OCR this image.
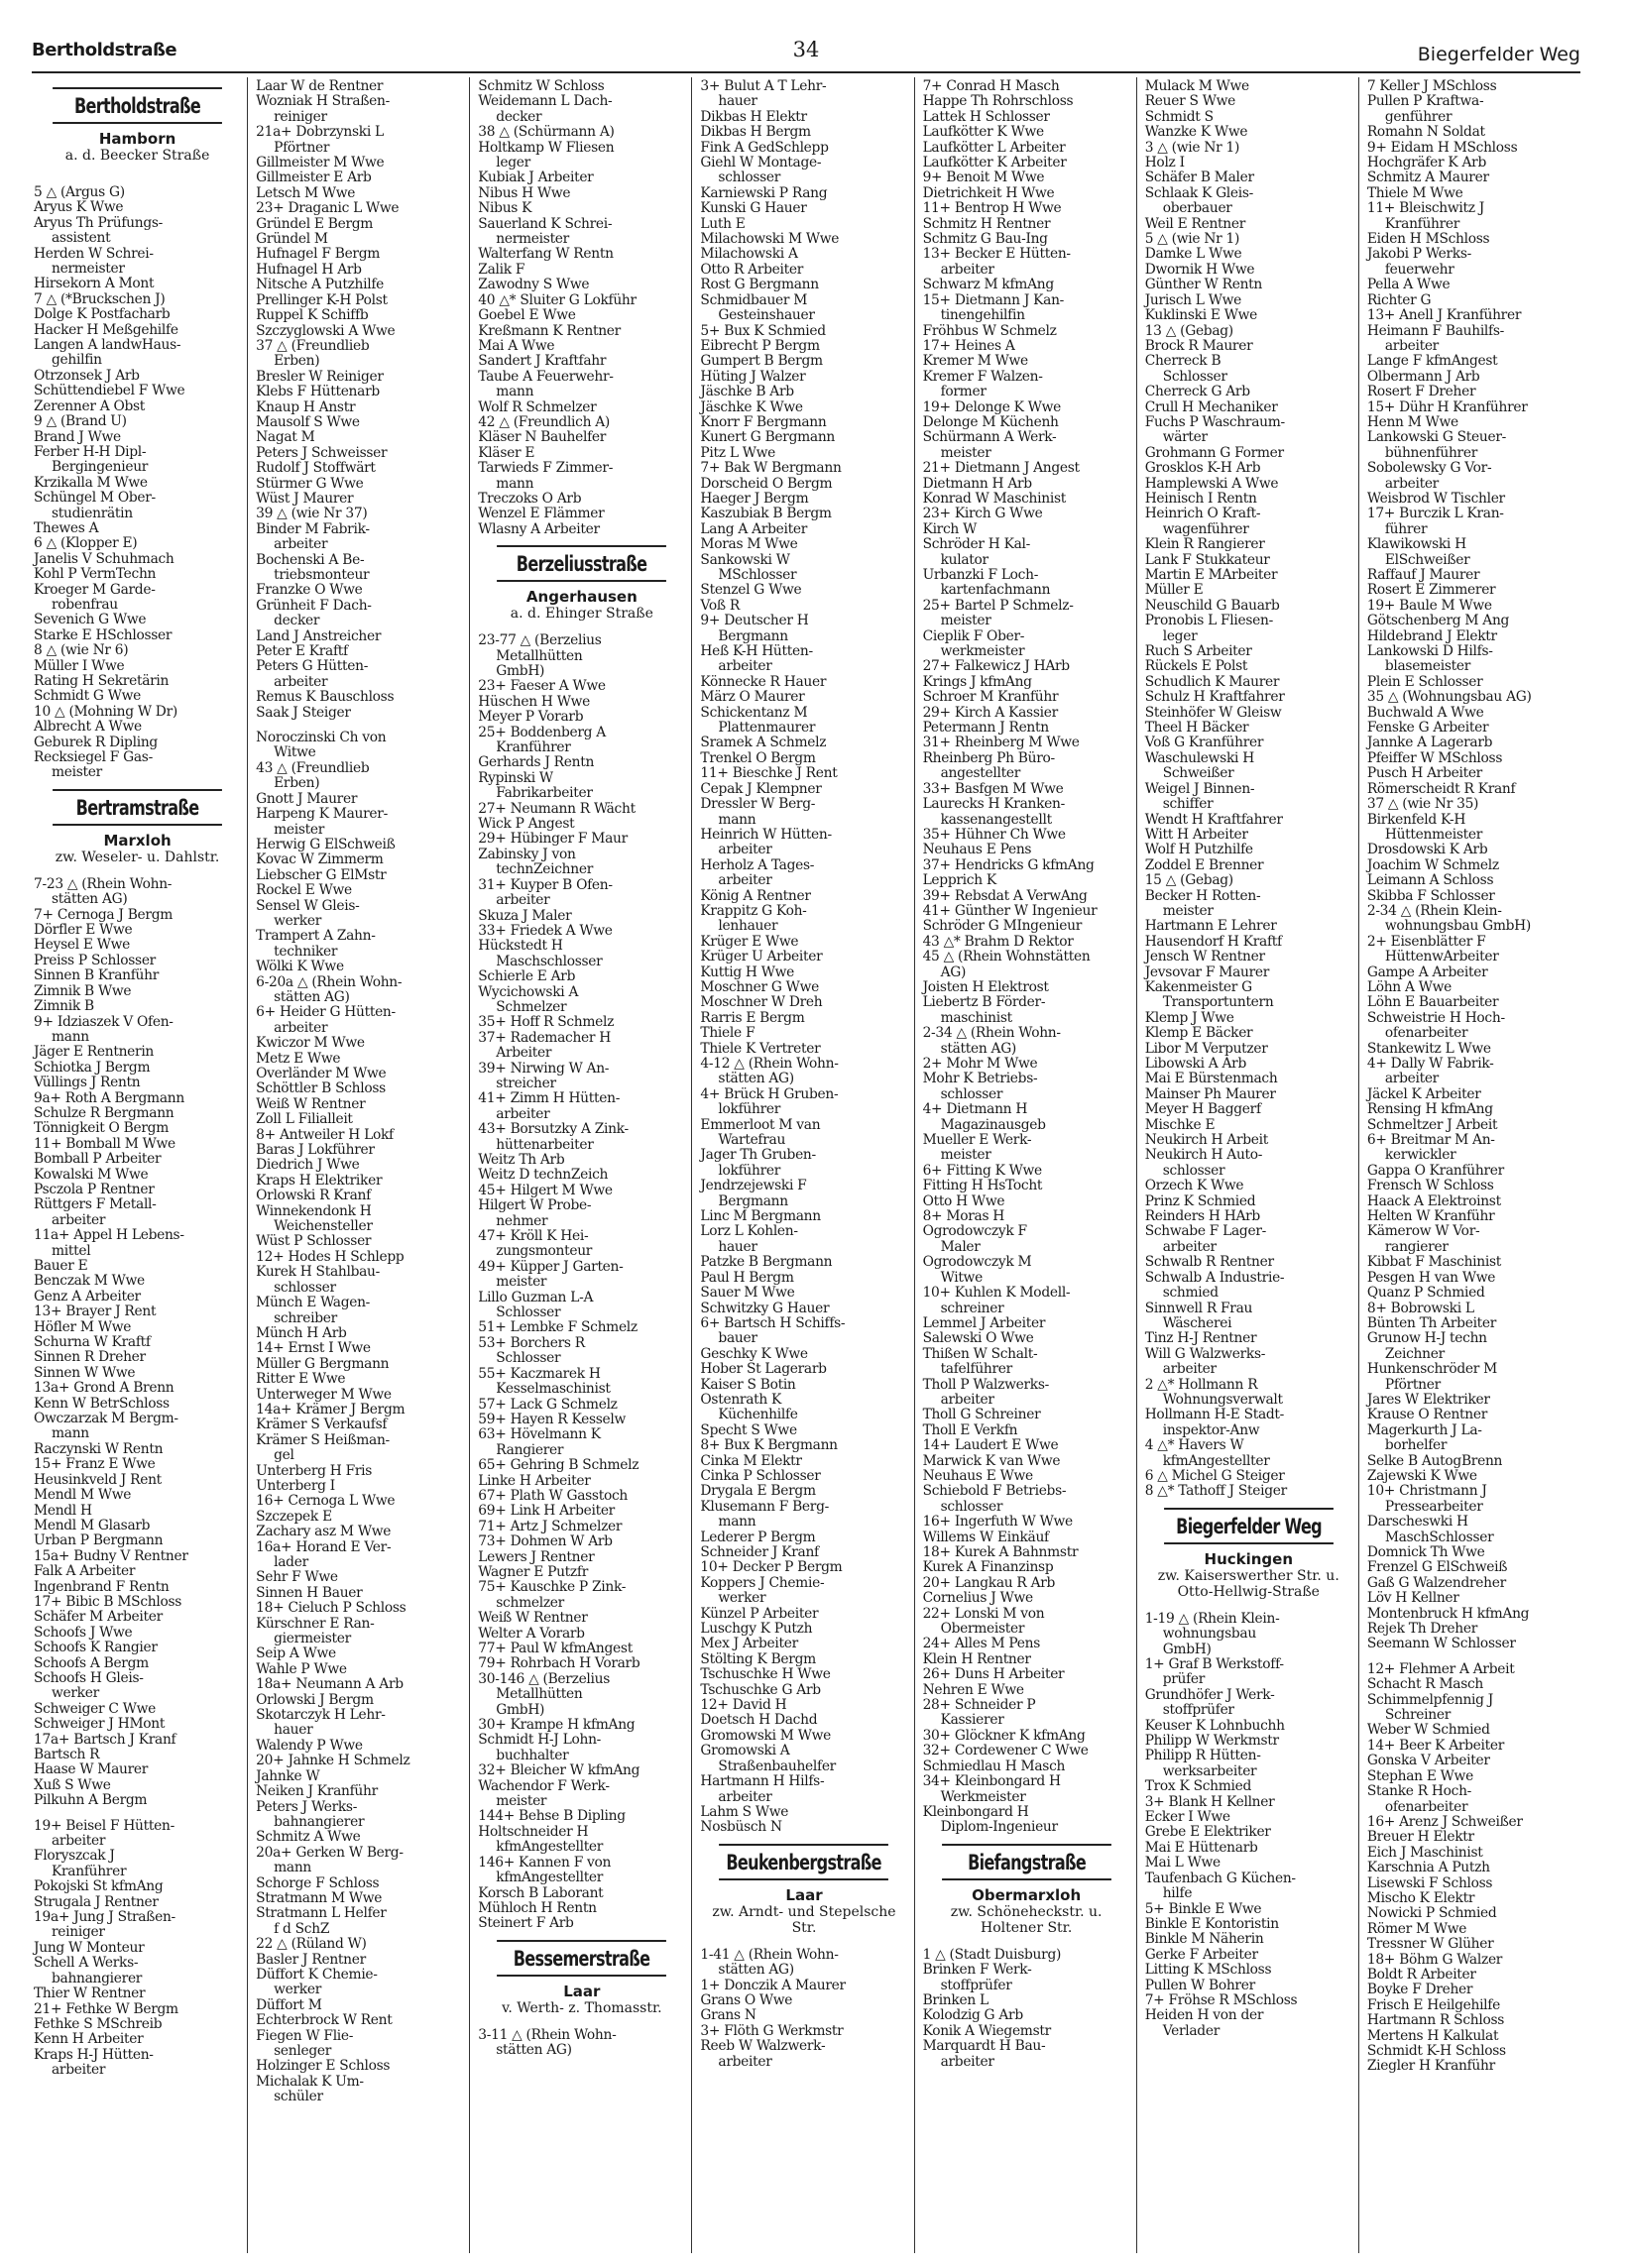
Bertholdstraße	34	Biegerfelder Weg
Bertholdstraße
Hamborn
a. d. Beecker Straße
5 △ (Argus G)
Aryus K Wwe
Aryus Th Prüfungs-
assistent
Herden W Schrei-
nermeister
Hirsekorn A Mont
7 △ (*Bruckschen J)
Dolge K Postfacharb
Hacker H Meßgehilfe
Langen A landwHaus-
gehilfin
Otrzonsek J Arb
Schüttendiebel F Wwe
Zerenner A Obst
9 △ (Brand U)
Brand J Wwe
Ferber H-H Dipl-
Bergingenieur
Krzikalla M Wwe
Schüngel M Ober-
studienrätin
Thewes A
6 △ (Klopper E)
Janelis V Schuhmach
Kohl P VermTechn
Kroeger M Garde-
robenfrau
Sevenich G Wwe
Starke E HSchlosser
8 △ (wie Nr 6)
Müller I Wwe
Rating H Sekretärin
Schmidt G Wwe
10 △ (Mohning W Dr)
Albrecht A Wwe
Geburek R Dipling
Recksiegel F Gas-
meister
Bertramstraße
Marxloh
zw. Weseler- u. Dahlstr.
7-23 △ (Rhein Wohn-
stätten AG)
7+ Cernoga J Bergm
Dörfler E Wwe
Heysel E Wwe
Preiss P Schlosser
Sinnen B Kranführ
Zimnik B Wwe
Zimnik B
9+ Idziaszek V Ofen-
mann
Jäger E Rentnerin
Schiotka J Bergm
Vüllings J Rentn
9a+ Roth A Bergmann
Schulze R Bergmann
Tönnigkeit O Bergm
11+ Bomball M Wwe
Bomball P Arbeiter
Kowalski M Wwe
Psczola P Rentner
Rüttgers F Metall-
arbeiter
11a+ Appel H Lebens-
mittel
Bauer E
Benczak M Wwe
Genz A Arbeiter
13+ Brayer J Rent
Höfler M Wwe
Schurna W Kraftf
Sinnen R Dreher
Sinnen W Wwe
13a+ Grond A Brenn
Kenn W BetrSchloss
Owczarzak M Bergm-
mann
Raczynski W Rentn
15+ Franz E Wwe
Heusinkveld J Rent
Mendl M Wwe
Mendl H
Mendl M Glasarb
Urban P Bergmann
15a+ Budny V Rentner
Falk A Arbeiter
Ingenbrand F Rentn
17+ Bibic B MSchloss
Schäfer M Arbeiter
Schoofs J Wwe
Schoofs K Rangier
Schoofs A Bergm
Schoofs H Gleis-
werker
Schweiger C Wwe
Schweiger J HMont
17a+ Bartsch J Kranf
Bartsch R
Haase W Maurer
Xuß S Wwe
Pilkuhn A Bergm
19+ Beisel F Hütten-
arbeiter
Floryszcak J
Kranführer
Pokojski St kfmAng
Strugala J Rentner
19a+ Jung J Straßen-
reiniger
Jung W Monteur
Schell A Werks-
bahnangierer
Thier W Rentner
21+ Fethke W Bergm
Fethke S MSchreib
Kenn H Arbeiter
Kraps H-J Hütten-
arbeiter
Laar W de Rentner
Wozniak H Straßen-
reiniger
21a+ Dobrzynski L
Pförtner
Gillmeister M Wwe
Gillmeister E Arb
Letsch M Wwe
23+ Draganic L Wwe
Gründel E Bergm
Gründel M
Hufnagel F Bergm
Hufnagel H Arb
Nitsche A Putzhilfe
Prellinger K-H Polst
Ruppel K Schiffb
Szczyglowski A Wwe
37 △ (Freundlieb
Erben)
Bresler W Reiniger
Klebs F Hüttenarb
Knaup H Anstr
Mausolf S Wwe
Nagat M
Peters J Schweisser
Rudolf J Stoffwärt
Stürmer G Wwe
Wüst J Maurer
39 △ (wie Nr 37)
Binder M Fabrik-
arbeiter
Bochenski A Be-
triebsmonteur
Franzke O Wwe
Grünheit F Dach-
decker
Land J Anstreicher
Peter E Kraftf
Peters G Hütten-
arbeiter
Remus K Bauschloss
Saak J Steiger
Noroczinski Ch von
Witwe
43 △ (Freundlieb
Erben)
Gnott J Maurer
Harpeng K Maurer-
meister
Herwig G ElSchweiß
Kovac W Zimmerm
Liebscher G ElMstr
Rockel E Wwe
Sensel W Gleis-
werker
Trampert A Zahn-
techniker
Wölki K Wwe
6-20a △ (Rhein Wohn-
stätten AG)
6+ Heider G Hütten-
arbeiter
Kwiczor M Wwe
Metz E Wwe
Overländer M Wwe
Schöttler B Schloss
Weiß W Rentner
Zoll L Filialleit
8+ Antweiler H Lokf
Baras J Lokführer
Diedrich J Wwe
Kraps H Elektriker
Orlowski R Kranf
Winnekendonk H
Weichensteller
Wüst P Schlosser
12+ Hodes H Schlepp
Kurek H Stahlbau-
schlosser
Münch E Wagen-
schreiber
Münch H Arb
14+ Ernst I Wwe
Müller G Bergmann
Ritter E Wwe
Unterweger M Wwe
14a+ Krämer J Bergm
Krämer S Verkaufsf
Krämer S Heißman-
gel
Unterberg H Fris
Unterberg I
16+ Cernoga L Wwe
Szczepek E
Zachary asz M Wwe
16a+ Horand E Ver-
lader
Sehr F Wwe
Sinnen H Bauer
18+ Cieluch P Schloss
Kürschner E Ran-
giermeister
Seip A Wwe
Wahle P Wwe
18a+ Neumann A Arb
Orlowski J Bergm
Skotarczyk H Lehr-
hauer
Walendy P Wwe
20+ Jahnke H Schmelz
Jahnke W
Neiken J Kranführ
Peters J Werks-
bahnangierer
Schmitz A Wwe
20a+ Gerken W Berg-
mann
Schorge F Schloss
Stratmann M Wwe
Stratmann L Helfer
f d SchZ
22 △ (Rüland W)
Basler J Rentner
Düffort K Chemie-
werker
Düffort M
Echterbrock W Rent
Fiegen W Flie-
senleger
Holzinger E Schloss
Michalak K Um-
schüler
Schmitz W Schloss
Weidemann L Dach-
decker
38 △ (Schürmann A)
Holtkamp W Fliesen
leger
Kubiak J Arbeiter
Nibus H Wwe
Nibus K
Sauerland K Schrei-
nermeister
Walterfang W Rentn
Zalik F
Zawodny S Wwe
40 △* Sluiter G Lokführ
Goebel E Wwe
Kreßmann K Rentner
Mai A Wwe
Sandert J Kraftfahr
Taube A Feuerwehr-
mann
Wolf R Schmelzer
42 △ (Freundlich A)
Kläser N Bauhelfer
Kläser E
Tarwieds F Zimmer-
mann
Treczoks O Arb
Wenzel E Flämmer
Wlasny A Arbeiter
Berzeliusstraße
Angerhausen
a. d. Ehinger Straße
23-77 △ (Berzelius
Metallhütten
GmbH)
23+ Faeser A Wwe
Hüschen H Wwe
Meyer P Vorarb
25+ Boddenberg A
Kranführer
Gerhards J Rentn
Rypinski W
Fabrikarbeiter
27+ Neumann R Wächt
Wick P Angest
29+ Hübinger F Maur
Zabinsky J von
technZeichner
31+ Kuyper B Ofen-
arbeiter
Skuza J Maler
33+ Friedek A Wwe
Hückstedt H
Maschschlosser
Schierle E Arb
Wycichowski A
Schmelzer
35+ Hoff R Schmelz
37+ Rademacher H
Arbeiter
39+ Nirwing W An-
streicher
41+ Zimm H Hütten-
arbeiter
43+ Borsutzky A Zink-
hüttenarbeiter
Weitz Th Arb
Weitz D technZeich
45+ Hilgert M Wwe
Hilgert W Probe-
nehmer
47+ Kröll K Hei-
zungsmonteur
49+ Küpper J Garten-
meister
Lillo Guzman L-A
Schlosser
51+ Lembke F Schmelz
53+ Borchers R
Schlosser
55+ Kaczmarek H
Kesselmaschinist
57+ Lack G Schmelz
59+ Hayen R Kesselw
63+ Hövelmann K
Rangierer
65+ Gehring B Schmelz
Linke H Arbeiter
67+ Plath W Gasstoch
69+ Link H Arbeiter
71+ Artz J Schmelzer
73+ Dohmen W Arb
Lewers J Rentner
Wagner E Putzfr
75+ Kauschke P Zink-
schmelzer
Weiß W Rentner
Welter A Vorarb
77+ Paul W kfmAngest
79+ Rohrbach H Vorarb
30-146 △ (Berzelius
Metallhütten
GmbH)
30+ Krampe H kfmAng
Schmidt H-J Lohn-
buchhalter
32+ Bleicher W kfmAng
Wachendor F Werk-
meister
144+ Behse B Dipling
Holtschneider H
kfmAngestellter
146+ Kannen F von
kfmAngestellter
Korsch B Laborant
Mühloch H Rentn
Steinert F Arb
Bessemerstraße
Laar
v. Werth- z. Thomasstr.
3-11 △ (Rhein Wohn-
stätten AG)
3+ Bulut A T Lehr-
hauer
Dikbas H Elektr
Dikbas H Bergm
Fink A GedSchlepp
Giehl W Montage-
schlosser
Karniewski P Rang
Kunski G Hauer
Luth E
Milachowski M Wwe
Milachowski A
Otto R Arbeiter
Rost G Bergmann
Schmidbauer M
Gesteinshauer
5+ Bux K Schmied
Eibrecht P Bergm
Gumpert B Bergm
Hüting J Walzer
Jäschke B Arb
Jäschke K Wwe
Knorr F Bergmann
Kunert G Bergmann
Pitz L Wwe
7+ Bak W Bergmann
Dorscheid O Bergm
Haeger J Bergm
Kaszubiak B Bergm
Lang A Arbeiter
Moras M Wwe
Sankowski W
MSchlosser
Stenzel G Wwe
Voß R
9+ Deutscher H
Bergmann
Heß K-H Hütten-
arbeiter
Könnecke R Hauer
März O Maurer
Schickentanz M
Plattenmaurer
Sramek A Schmelz
Trenkel O Bergm
11+ Bieschke J Rent
Cepak J Klempner
Dressler W Berg-
mann
Heinrich W Hütten-
arbeiter
Herholz A Tages-
arbeiter
König A Rentner
Krappitz G Koh-
lenhauer
Krüger E Wwe
Krüger U Arbeiter
Kuttig H Wwe
Moschner G Wwe
Moschner W Dreh
Rarris E Bergm
Thiele F
Thiele K Vertreter
4-12 △ (Rhein Wohn-
stätten AG)
4+ Brück H Gruben-
lokführer
Emmerloot M van
Wartefrau
Jager Th Gruben-
lokführer
Jendrzejewski F
Bergmann
Linc M Bergmann
Lorz L Kohlen-
hauer
Patzke B Bergmann
Paul H Bergm
Sauer M Wwe
Schwitzky G Hauer
6+ Bartsch H Schiffs-
bauer
Geschky K Wwe
Hober St Lagerarb
Kaiser S Botin
Ostenrath K
Küchenhilfe
Specht S Wwe
8+ Bux K Bergmann
Cinka M Elektr
Cinka P Schlosser
Drygala E Bergm
Klusemann F Berg-
mann
Lederer P Bergm
Schneider J Kranf
10+ Decker P Bergm
Koppers J Chemie-
werker
Künzel P Arbeiter
Luschgy K Putzh
Mex J Arbeiter
Stölting K Bergm
Tschuschke H Wwe
Tschuschke G Arb
12+ David H
Doetsch H Dachd
Gromowski M Wwe
Gromowski A
Straßenbauhelfer
Hartmann H Hilfs-
arbeiter
Lahm S Wwe
Nosbüsch N
Beukenbergstraße
Laar
zw. Arndt- und Stepelsche Str.
1-41 △ (Rhein Wohn-
stätten AG)
1+ Donczik A Maurer
Grans O Wwe
Grans N
3+ Flöth G Werkmstr
Reeb W Walzwerk-
arbeiter
7+ Conrad H Masch
Happe Th Rohrschloss
Lattek H Schlosser
Laufkötter K Wwe
Laufkötter L Arbeiter
Laufkötter K Arbeiter
9+ Benoit M Wwe
Dietrichkeit H Wwe
11+ Bentrop H Wwe
Schmitz H Rentner
Schmitz G Bau-Ing
13+ Becker E Hütten-
arbeiter
Schwarz M kfmAng
15+ Dietmann J Kan-
tinengehilfin
Fröhbus W Schmelz
17+ Heines A
Kremer M Wwe
Kremer F Walzen-
former
19+ Delonge K Wwe
Delonge M Küchenh
Schürmann A Werk-
meister
21+ Dietmann J Angest
Dietmann H Arb
Konrad W Maschinist
23+ Kirch G Wwe
Kirch W
Schröder H Kal-
kulator
Urbanzki F Loch-
kartenfachmann
25+ Bartel P Schmelz-
meister
Cieplik F Ober-
werkmeister
27+ Falkewicz J HArb
Krings J kfmAng
Schroer M Kranführ
29+ Kirch A Kassier
Petermann J Rentn
31+ Rheinberg M Wwe
Rheinberg Ph Büro-
angestellter
33+ Basfgen M Wwe
Laurecks H Kranken-
kassenangestellt
35+ Hühner Ch Wwe
Neuhaus E Pens
37+ Hendricks G kfmAng
Lepprich K
39+ Rebsdat A VerwAng
41+ Günther W Ingenieur
Schröder G MIngenieur
43 △* Brahm D Rektor
45 △ (Rhein Wohnstätten
AG)
Joisten H Elektrost
Liebertz B Förder-
maschinist
2-34 △ (Rhein Wohn-
stätten AG)
2+ Mohr M Wwe
Mohr K Betriebs-
schlosser
4+ Dietmann H
Magazinausgeb
Mueller E Werk-
meister
6+ Fitting K Wwe
Fitting H HsTocht
Otto H Wwe
8+ Moras H
Ogrodowczyk F
Maler
Ogrodowczyk M
Witwe
10+ Kuhlen K Modell-
schreiner
Lemmel J Arbeiter
Salewski O Wwe
Thißen W Schalt-
tafelführer
Tholl P Walzwerks-
arbeiter
Tholl G Schreiner
Tholl E Verkfn
14+ Laudert E Wwe
Marwick K van Wwe
Neuhaus E Wwe
Schiebold F Betriebs-
schlosser
16+ Ingerfuth W Wwe
Willems W Einkäuf
18+ Kurek A Bahnmstr
Kurek A Finanzinsp
20+ Langkau R Arb
Cornelius J Wwe
22+ Lonski M von
Obermeister
24+ Alles M Pens
Klein H Rentner
26+ Duns H Arbeiter
Nehren E Wwe
28+ Schneider P
Kassierer
30+ Glöckner K kfmAng
32+ Cordewener C Wwe
Schmiedlau H Masch
34+ Kleinbongard H
Werkmeister
Kleinbongard H
Diplom-Ingenieur
Biefangstraße
Obermarxloh
zw. Schöneheckstr. u. Holtener Str.
1 △ (Stadt Duisburg)
Brinken F Werk-
stoffprüfer
Brinken L
Kolodzig G Arb
Konik A Wiegemstr
Marquardt H Bau-
arbeiter
Mulack M Wwe
Reuer S Wwe
Schmidt S
Wanzke K Wwe
3 △ (wie Nr 1)
Holz I
Schäfer B Maler
Schlaak K Gleis-
oberbauer
Weil E Rentner
5 △ (wie Nr 1)
Damke L Wwe
Dwornik H Wwe
Günther W Rentn
Jurisch L Wwe
Kuklinski E Wwe
13 △ (Gebag)
Brock R Maurer
Cherreck B
Schlosser
Cherreck G Arb
Crull H Mechaniker
Fuchs P Waschraum-
wärter
Grohmann G Former
Grosklos K-H Arb
Hamplewski A Wwe
Heinisch I Rentn
Heinrich O Kraft-
wagenführer
Klein R Rangierer
Lank F Stukkateur
Martin E MArbeiter
Müller E
Neuschild G Bauarb
Pronobis L Fliesen-
leger
Ruch S Arbeiter
Rückels E Polst
Schudlich K Maurer
Schulz H Kraftfahrer
Steinhöfer W Gleisw
Theel H Bäcker
Voß G Kranführer
Waschulewski H
Schweißer
Weigel J Binnen-
schiffer
Wendt H Kraftfahrer
Witt H Arbeiter
Wolf H Putzhilfe
Zoddel E Brenner
15 △ (Gebag)
Becker H Rotten-
meister
Hartmann E Lehrer
Hausendorf H Kraftf
Jensch W Rentner
Jevsovar F Maurer
Kakenmeister G
Transportuntern
Klemp J Wwe
Klemp E Bäcker
Libor M Verputzer
Libowski A Arb
Mai E Bürstenmach
Mainser Ph Maurer
Meyer H Baggerf
Mischke E
Neukirch H Arbeit
Neukirch H Auto-
schlosser
Orzech K Wwe
Prinz K Schmied
Reinders H HArb
Schwabe F Lager-
arbeiter
Schwalb R Rentner
Schwalb A Industrie-
schmied
Sinnwell R Frau
Wäscherei
Tinz H-J Rentner
Will G Walzwerks-
arbeiter
2 △* Hollmann R
Wohnungsverwalt
Hollmann H-E Stadt-
inspektor-Anw
4 △* Havers W
kfmAngestellter
6 △ Michel G Steiger
8 △* Tathoff J Steiger
Biegerfelder Weg
Huckingen
zw. Kaiserswerther Str. u. Otto-Hellwig-Straße
1-19 △ (Rhein Klein-
wohnungsbau
GmbH)
1+ Graf B Werkstoff-
prüfer
Grundhöfer J Werk-
stoffprüfer
Keuser K Lohnbuchh
Philipp W Werkmstr
Philipp R Hütten-
werksarbeiter
Trox K Schmied
3+ Blank H Kellner
Ecker I Wwe
Grebe E Elektriker
Mai E Hüttenarb
Mai L Wwe
Taufenbach G Küchen-
hilfe
5+ Binkle E Wwe
Binkle E Kontoristin
Binkle M Näherin
Gerke F Arbeiter
Litting K MSchloss
Pullen W Bohrer
7+ Fröhse R MSchloss
Heiden H von der
Verlader
7 Keller J MSchloss
Pullen P Kraftwa-
genführer
Romahn N Soldat
9+ Eidam H MSchloss
Hochgräfer K Arb
Schmitz A Maurer
Thiele M Wwe
11+ Bleischwitz J
Kranführer
Eiden H MSchloss
Jakobi P Werks-
feuerwehr
Pella A Wwe
Richter G
13+ Anell J Kranführer
Heimann F Bauhilfs-
arbeiter
Lange F kfmAngest
Olbermann J Arb
Rosert F Dreher
15+ Dühr H Kranführer
Henn M Wwe
Lankowski G Steuer-
bühnenführer
Sobolewsky G Vor-
arbeiter
Weisbrod W Tischler
17+ Burczik L Kran-
führer
Klawikowski H
ElSchweißer
Raffauf J Maurer
Rosert E Zimmerer
19+ Baule M Wwe
Götschenberg M Ang
Hildebrand J Elektr
Lankowski D Hilfs-
blasemeister
Plein E Schlosser
35 △ (Wohnungsbau AG)
Buchwald A Wwe
Fenske G Arbeiter
Jannke A Lagerarb
Pfeiffer W MSchloss
Pusch H Arbeiter
Römerscheidt R Kranf
37 △ (wie Nr 35)
Birkenfeld K-H
Hüttenmeister
Drosdowski K Arb
Joachim W Schmelz
Leimann A Schloss
Skibba F Schlosser
2-34 △ (Rhein Klein-
wohnungsbau GmbH)
2+ Eisenblätter F
HüttenwArbeiter
Gampe A Arbeiter
Löhn A Wwe
Löhn E Bauarbeiter
Schweistrie H Hoch-
ofenarbeiter
Stankewitz L Wwe
4+ Dally W Fabrik-
arbeiter
Jäckel K Arbeiter
Rensing H kfmAng
Schmeltzer J Arbeit
6+ Breitmar M An-
kerwickler
Gappa O Kranführer
Frensch W Schloss
Haack A Elektroinst
Helten W Kranführ
Kämerow W Vor-
rangierer
Kibbat F Maschinist
Pesgen H van Wwe
Quanz P Schmied
8+ Bobrowski L
Bünten Th Arbeiter
Grunow H-J techn
Zeichner
Hunkenschröder M
Pförtner
Jares W Elektriker
Krause O Rentner
Magerkurth J La-
borhelfer
Selke B AutogBrenn
Zajewski K Wwe
10+ Christmann J
Pressearbeiter
Darscheswki H
MaschSchlosser
Domnick Th Wwe
Frenzel G ElSchweiß
Gaß G Walzendreher
Löv H Kellner
Montenbruck H kfmAng
Rejek Th Dreher
Seemann W Schlosser
12+ Flehmer A Arbeit
Schacht R Masch
Schimmelpfennig J
Schreiner
Weber W Schmied
14+ Beer K Arbeiter
Gonska V Arbeiter
Stephan E Wwe
Stanke R Hoch-
ofenarbeiter
16+ Arenz J Schweißer
Breuer H Elektr
Eich J Maschinist
Karschnia A Putzh
Lisewski F Schloss
Mischo K Elektr
Nowicki P Schmied
Römer M Wwe
Tressner W Glüher
18+ Böhm G Walzer
Boldt R Arbeiter
Boyke F Dreher
Frisch E Heilgehilfe
Hartmann R Schloss
Mertens H Kalkulat
Schmidt K-H Schloss
Ziegler H Kranführ
